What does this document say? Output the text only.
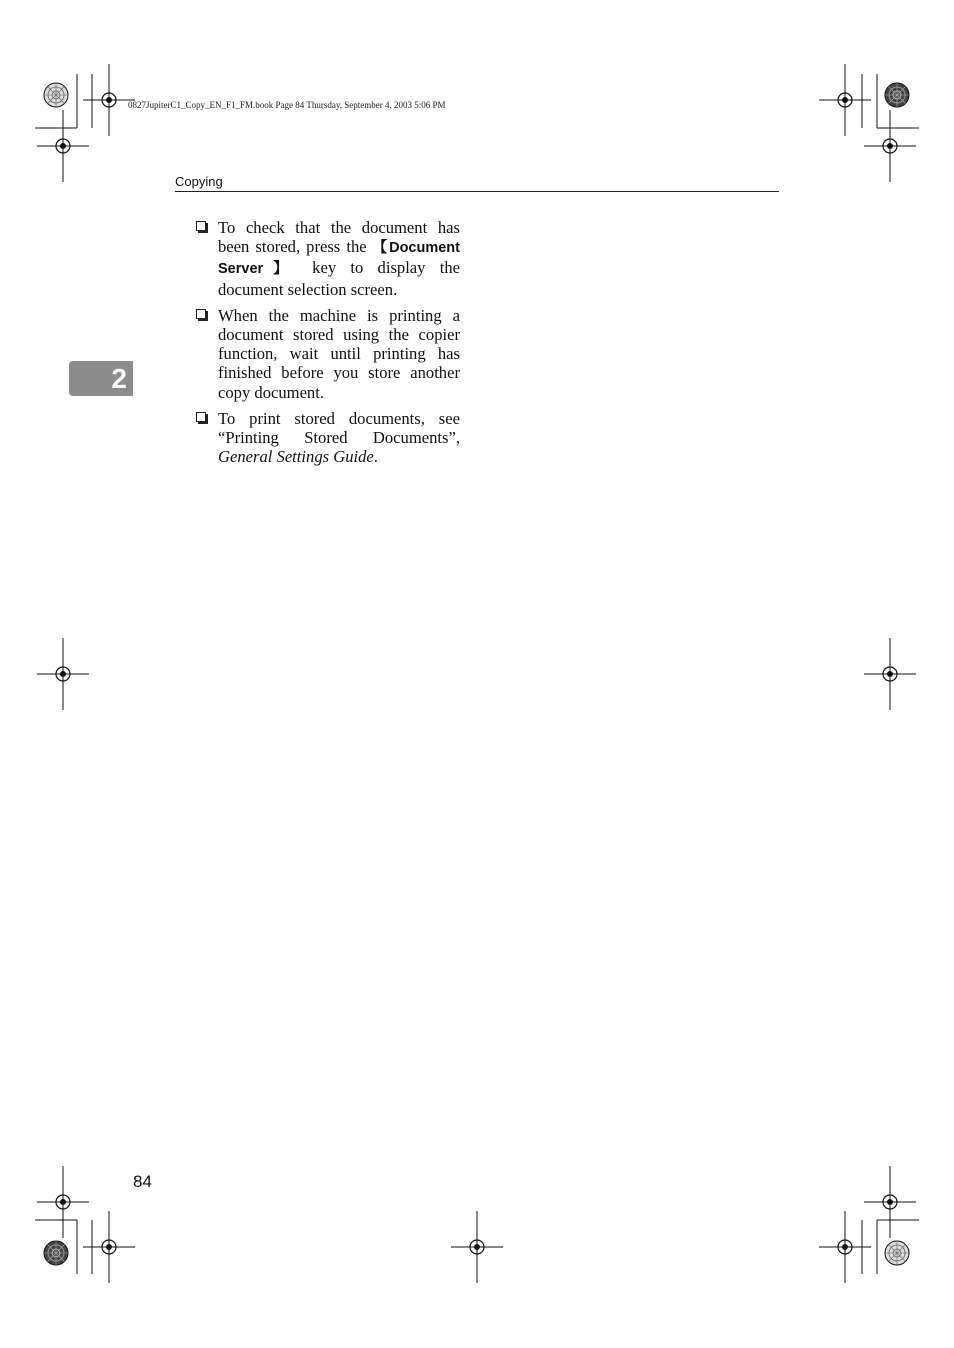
0827JupiterC1_Copy_EN_F1_FM.book Page 84 Thursday, September 4, 2003 5:06 PM
Copying
2
To check that the document has been stored, press the 【Document Server】 key to display the document selection screen.
When the machine is printing a document stored using the copier function, wait until printing has finished before you store another copy document.
To print stored documents, see “Printing Stored Documents”, General Settings Guide.
84
